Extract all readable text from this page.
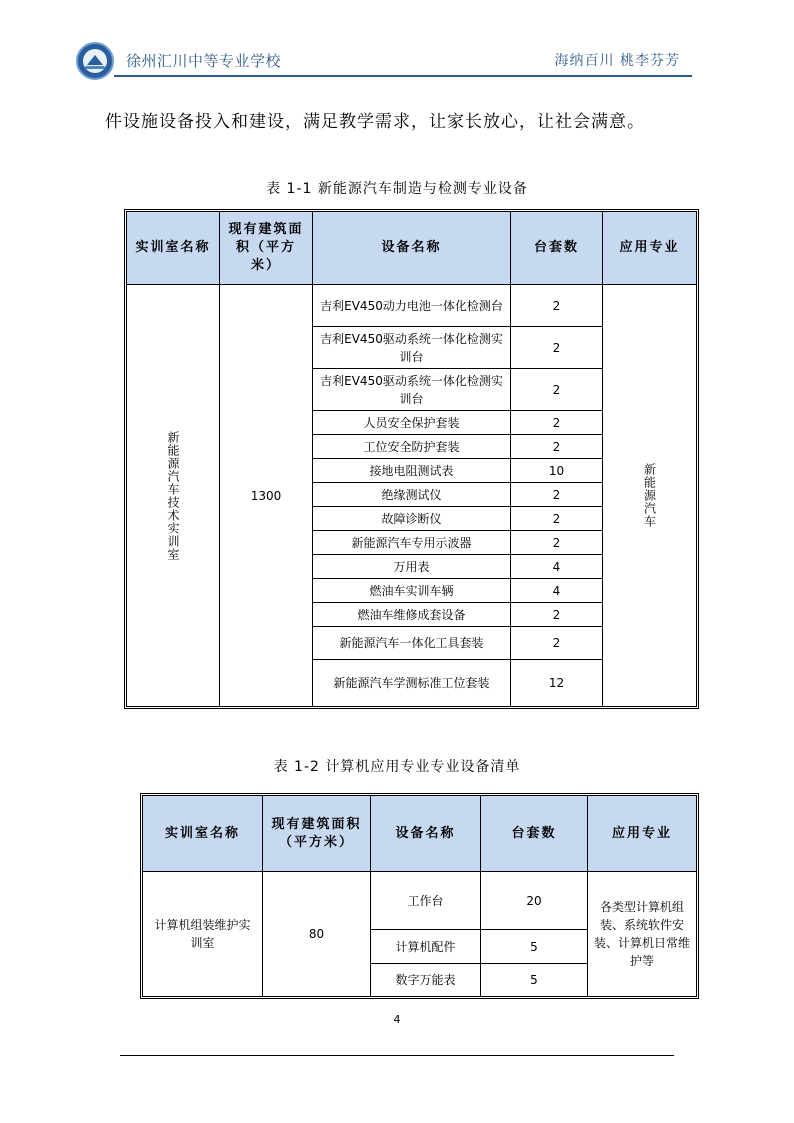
徐州汇川中等专业学校	海纳百川 桃李芬芳
件设施设备投入和建设，满足教学需求，让家长放心，让社会满意。
表 1-1 新能源汽车制造与检测专业设备
实训室名称	现有建筑面积（平方米）	设备名称	台套数	应用专业

新能源汽车技术实训室	1300	吉利EV450动力电池一体化检测台	2	新能源汽车

		吉利EV450驱动系统一体化检测实训台	2	
		吉利EV450驱动系统一体化检测实训台	2	
		人员安全保护套装	2	
		工位安全防护套装	2	
		接地电阻测试表	10	
		绝缘测试仪	2	
		故障诊断仪	2	
		新能源汽车专用示波器	2	
		万用表	4	
		燃油车实训车辆	4	
		燃油车维修成套设备	2	
		新能源汽车一体化工具套装	2	
		新能源汽车学测标准工位套装	12	
表 1-2 计算机应用专业专业设备清单
实训室名称	现有建筑面积（平方米）	设备名称	台套数	应用专业
计算机组装维护实训室	80	工作台	20	各类型计算机组装、系统软件安装、计算机日常维护等
		计算机配件	5	
		数字万能表	5	
4
